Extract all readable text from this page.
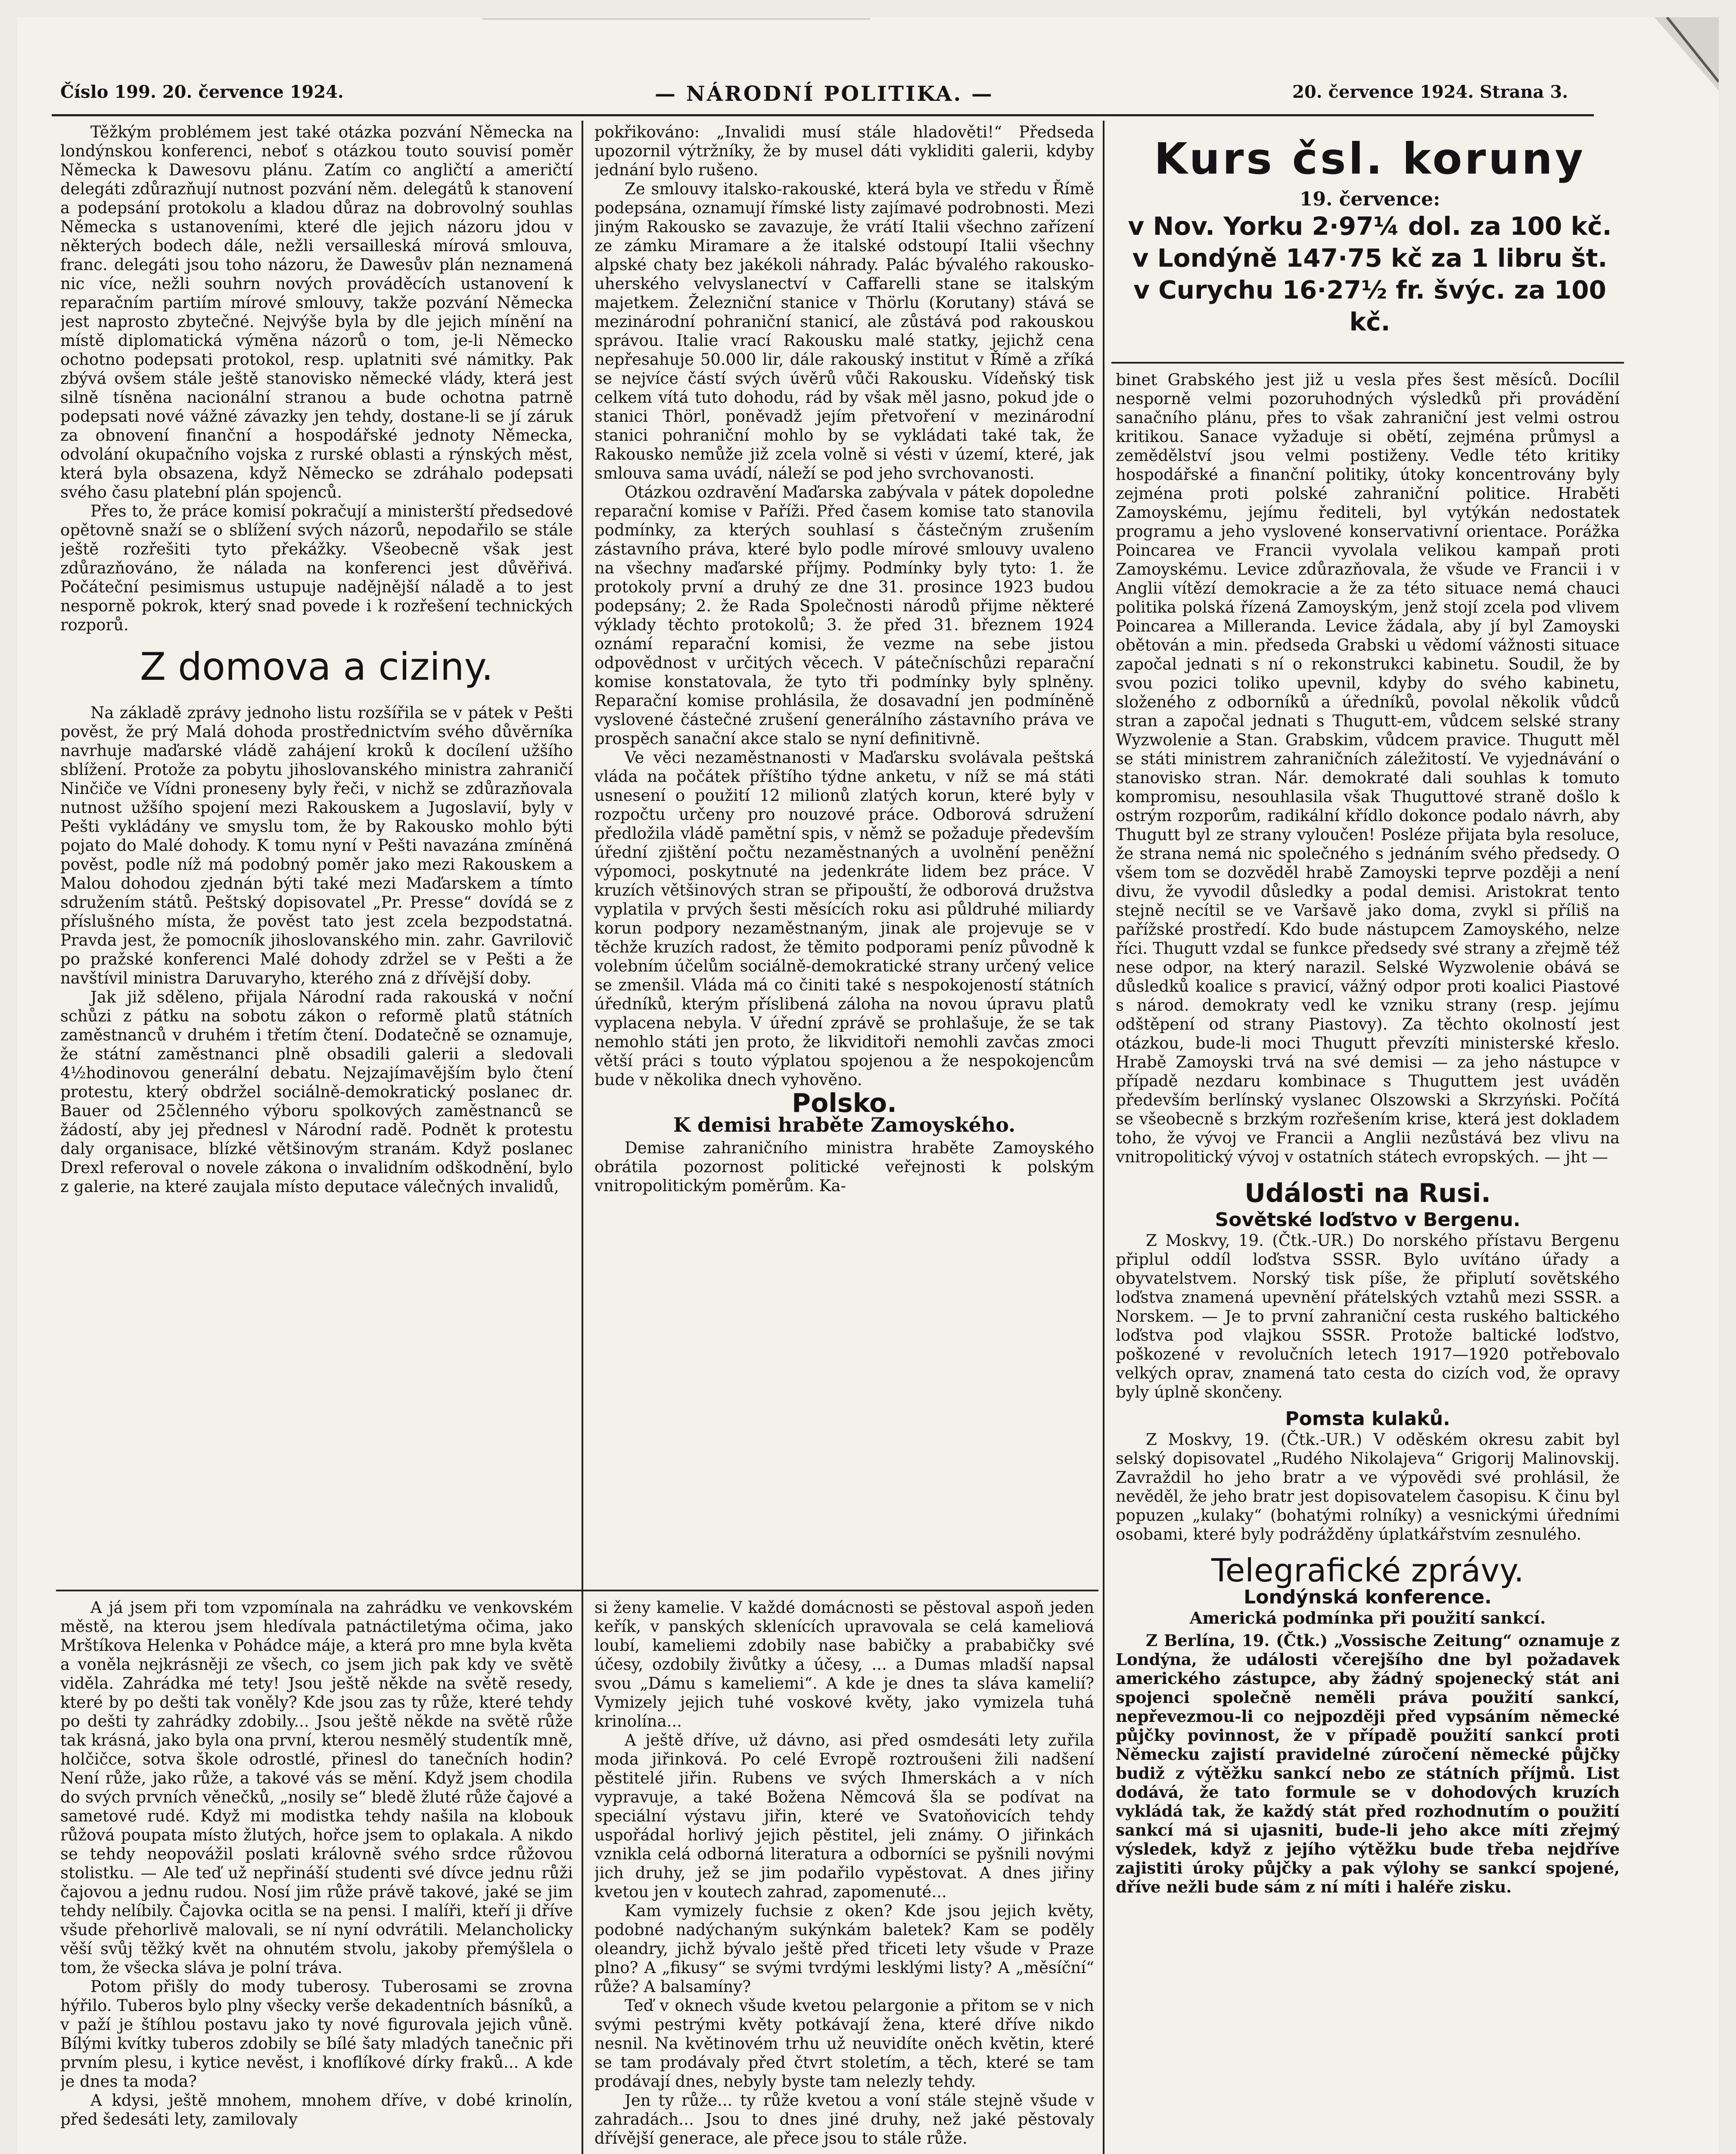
Číslo 199. 20. července 1924.	— NÁRODNÍ POLITIKA. —	20. července 1924. Strana 3.

Těžkým problémem jest také otázka pozvání Německa na londýnskou konferenci, neboť s otázkou touto souvisí poměr Německa k Dawesovu plánu. Zatím co angličtí a američtí delegáti zdůrazňují nutnost pozvání něm. delegátů k stanovení a podepsání protokolu a kladou důraz na dobrovolný souhlas Německa s ustanoveními, které dle jejich názoru jdou v některých bodech dále, nežli versailleská mírová smlouva, franc. delegáti jsou toho názoru, že Dawesův plán neznamená nic více, nežli souhrn nových prováděcích ustanovení k reparačním partiím mírové smlouvy, takže pozvání Německa jest naprosto zbytečné. Nejvýše byla by dle jejich mínění na místě diplomatická výměna názorů o tom, je-li Německo ochotno podepsati protokol, resp. uplatniti své námitky. Pak zbývá ovšem stále ještě stanovisko německé vlády, která jest silně tísněna nacionální stranou a bude ochotna patrně podepsati nové vážné závazky jen tehdy, dostane-li se jí záruk za obnovení finanční a hospodářské jednoty Německa, odvolání okupačního vojska z rurské oblasti a rýnských měst, která byla obsazena, když Německo se zdráhalo podepsati svého času platební plán spojenců.

Přes to, že práce komisí pokračují a ministerští předsedové opětovně snaží se o sblížení svých názorů, nepodařilo se stále ještě rozřešiti tyto překážky. Všeobecně však jest zdůrazňováno, že nálada na konferenci jest důvěřivá. Počáteční pesimismus ustupuje nadějnější náladě a to jest nesporně pokrok, který snad povede i k rozřešení technických rozporů.

Z domova a ciziny.

Na základě zprávy jednoho listu rozšířila se v pátek v Pešti pověst, že prý Malá dohoda prostřednictvím svého důvěrníka navrhuje maďarské vládě zahájení kroků k docílení užšího sblížení. Protože za pobytu jihoslovanského ministra zahraničí Ninčiče ve Vídni proneseny byly řeči, v nichž se zdůrazňovala nutnost užšího spojení mezi Rakouskem a Jugoslavií, byly v Pešti vykládány ve smyslu tom, že by Rakousko mohlo býti pojato do Malé dohody. K tomu nyní v Pešti navazána zmíněná pověst, podle níž má podobný poměr jako mezi Rakouskem a Malou dohodou zjednán býti také mezi Maďarskem a tímto sdružením států. Peštský dopisovatel „Pr. Presse“ dovídá se z příslušného místa, že pověst tato jest zcela bezpodstatná. Pravda jest, že pomocník jihoslovanského min. zahr. Gavrilovič po pražské konferenci Malé dohody zdržel se v Pešti a že navštívil ministra Daruvaryho, kterého zná z dřívější doby.

Jak již sděleno, přijala Národní rada rakouská v noční schůzi z pátku na sobotu zákon o reformě platů státních zaměstnanců v druhém i třetím čtení. Dodatečně se oznamuje, že státní zaměstnanci plně obsadili galerii a sledovali 4½hodinovou generální debatu. Nejzajímavějším bylo čtení protestu, který obdržel sociálně-demokratický poslanec dr. Bauer od 25členného výboru spolkových zaměstnanců se žádostí, aby jej přednesl v Národní radě. Podnět k protestu daly organisace, blízké většinovým stranám. Když poslanec Drexl referoval o novele zákona o invalidním odškodnění, bylo z galerie, na které zaujala místo deputace válečných invalidů,

pokřikováno: „Invalidi musí stále hladověti!“ Předseda upozornil výtržníky, že by musel dáti vykliditi galerii, kdyby jednání bylo rušeno.

Ze smlouvy italsko-rakouské, která byla ve středu v Římě podepsána, oznamují římské listy zajímavé podrobnosti. Mezi jiným Rakousko se zavazuje, že vrátí Italii všechno zařízení ze zámku Miramare a že italské odstoupí Italii všechny alpské chaty bez jakékoli náhrady. Palác bývalého rakousko-uherského velvyslanectví v Caffarelli stane se italským majetkem. Železniční stanice v Thörlu (Korutany) stává se mezinárodní pohraniční stanicí, ale zůstává pod rakouskou správou. Italie vrací Rakousku malé statky, jejichž cena nepřesahuje 50.000 lir, dále rakouský institut v Římě a zříká se nejvíce částí svých úvěrů vůči Rakousku. Vídeňský tisk celkem vítá tuto dohodu, rád by však měl jasno, pokud jde o stanici Thörl, poněvadž jejím přetvoření v mezinárodní stanici pohraniční mohlo by se vykládati také tak, že Rakousko nemůže již zcela volně si vésti v území, které, jak smlouva sama uvádí, náleží se pod jeho svrchovanosti.

Otázkou ozdravění Maďarska zabývala v pátek dopoledne reparační komise v Paříži. Před časem komise tato stanovila podmínky, za kterých souhlasí s částečným zrušením zástavního práva, které bylo podle mírové smlouvy uvaleno na všechny maďarské příjmy. Podmínky byly tyto: 1. že protokoly první a druhý ze dne 31. prosince 1923 budou podepsány; 2. že Rada Společnosti národů přijme některé výklady těchto protokolů; 3. že před 31. březnem 1924 oznámí reparační komisi, že vezme na sebe jistou odpovědnost v určitých věcech. V pátečníschůzi reparační komise konstatovala, že tyto tři podmínky byly splněny. Reparační komise prohlásila, že dosavadní jen podmíněně vyslovené částečné zrušení generálního zástavního práva ve prospěch sanační akce stalo se nyní definitivně.

Ve věci nezaměstnanosti v Maďarsku svolávala peštská vláda na počátek příštího týdne anketu, v níž se má státi usnesení o použití 12 milionů zlatých korun, které byly v rozpočtu určeny pro nouzové práce. Odborová sdružení předložila vládě pamětní spis, v němž se požaduje především úřední zjištění počtu nezaměstnaných a uvolnění peněžní výpomoci, poskytnuté na jedenkráte lidem bez práce. V kruzích většinových stran se připouští, že odborová družstva vyplatila v prvých šesti měsících roku asi půldruhé miliardy korun podpory nezaměstnaným, jinak ale projevuje se v těchže kruzích radost, že těmito podporami peníz původně k volebním účelům sociálně-demokratické strany určený velice se zmenšil. Vláda má co činiti také s nespokojeností státních úředníků, kterým příslibená záloha na novou úpravu platů vyplacena nebyla. V úřední zprávě se prohlašuje, že se tak nemohlo státi jen proto, že likviditoři nemohli zavčas zmoci větší práci s touto výplatou spojenou a že nespokojencům bude v několika dnech vyhověno.

Polsko.
K demisi hraběte Zamoyského.

Demise zahraničního ministra hraběte Zamoyského obrátila pozornost politické veřejnosti k polským vnitropolitickým poměrům. Ka-

A já jsem při tom vzpomínala na zahrádku ve venkovském městě, na kterou jsem hledívala patnáctiletýma očima, jako Mrštíkova Helenka v Pohádce máje, a která pro mne byla květa a voněla nejkrásněji ze všech, co jsem jich pak kdy ve světě viděla. Zahrádka mé tety! Jsou ještě někde na světě resedy, které by po dešti tak voněly? Kde jsou zas ty růže, které tehdy po dešti ty zahrádky zdobily... Jsou ještě někde na světě růže tak krásná, jako byla ona první, kterou nesmělý studentík mně, holčičce, sotva škole odrostlé, přinesl do tanečních hodin? Není růže, jako růže, a takové vás se mění. Když jsem chodila do svých prvních věnečků, „nosily se“ bledě žluté růže čajové a sametové rudé. Když mi modistka tehdy našila na klobouk růžová poupata místo žlutých, hořce jsem to oplakala. A nikdo se tehdy neopovážil poslati královně svého srdce růžovou stolistku. — Ale teď už nepřináší studenti své dívce jednu růži čajovou a jednu rudou. Nosí jim růže právě takové, jaké se jim tehdy nelíbily. Čajovka ocitla se na pensi. I malíři, kteří ji dříve všude přehorlivě malovali, se ní nyní odvrátili. Melancholicky věší svůj těžký květ na ohnutém stvolu, jakoby přemýšlela o tom, že všecka sláva je polní tráva.

Potom přišly do mody tuberosy. Tuberosami se zrovna hýřilo. Tuberos bylo plny všecky verše dekadentních básníků, a v paží je štíhlou postavu jako ty nové figurovala jejich vůně. Bílými kvítky tuberos zdobily se bílé šaty mladých tanečnic při prvním plesu, i kytice nevěst, i knoflíkové dírky fraků... A kde je dnes ta moda?

A kdysi, ještě mnohem, mnohem dříve, v dobé krinolín, před šedesáti lety, zamilovaly

si ženy kamelie. V každé domácnosti se pěstoval aspoň jeden keřík, v panských sklenících upravovala se celá kameliová loubí, kameliemi zdobily nase babičky a prababičky své účesy, ozdobily živůtky a účesy, ... a Dumas mladší napsal svou „Dámu s kameliemi“. A kde je dnes ta sláva kamelií? Vymizely jejich tuhé voskové květy, jako vymizela tuhá krinolína...

A ještě dříve, už dávno, asi před osmdesáti lety zuřila moda jiřinková. Po celé Evropě roztroušeni žili nadšení pěstitelé jiřin. Rubens ve svých Ihmerskách a v ních vypravuje, a také Božena Němcová šla se podívat na speciální výstavu jiřin, které ve Svatoňovicích tehdy uspořádal horlivý jejich pěstitel, jeli známy. O jiřinkách vznikla celá odborná literatura a odborníci se pyšnili novými jich druhy, jež se jim podařilo vypěstovat. A dnes jiřiny kvetou jen v koutech zahrad, zapomenuté...

Kam vymizely fuchsie z oken? Kde jsou jejich květy, podobné nadýchaným sukýnkám baletek? Kam se poděly oleandry, jichž bývalo ještě před třiceti lety všude v Praze plno? A „fikusy“ se svými tvrdými lesklými listy? A „měsíční“ růže? A balsamíny?

Teď v oknech všude kvetou pelargonie a přitom se v nich svými pestrými květy potkávají žena, které dříve nikdo nesnil. Na květinovém trhu už neuvidíte oněch květin, které se tam prodávaly před čtvrt stoletím, a těch, které se tam prodávají dnes, nebyly byste tam nelezly tehdy.

Jen ty růže... ty růže kvetou a voní stále stejně všude v zahradách... Jsou to dnes jiné druhy, než jaké pěstovaly dřívější generace, ale přece jsou to stále růže.

Kurs čsl. koruny
19. července:
v Nov. Yorku 2·97¼ dol. za 100 kč.
v Londýně 147·75 kč za 1 libru št.
v Curychu 16·27½ fr. švýc. za 100 kč.

binet Grabského jest již u vesla přes šest měsíců. Docílil nesporně velmi pozoruhodných výsledků při provádění sanačního plánu, přes to však zahraniční jest velmi ostrou kritikou. Sanace vyžaduje si obětí, zejména průmysl a zemědělství jsou velmi postiženy. Vedle této kritiky hospodářské a finanční politiky, útoky koncentrovány byly zejména proti polské zahraniční politice. Hraběti Zamoyskému, jejímu řediteli, byl vytýkán nedostatek programu a jeho vyslovené konservativní orientace. Porážka Poincarea ve Francii vyvolala velikou kampaň proti Zamoyskému. Levice zdůrazňovala, že všude ve Francii i v Anglii vítězí demokracie a že za této situace nemá chauci politika polská řízená Zamoyským, jenž stojí zcela pod vlivem Poincarea a Millerandа. Levice žádala, aby jí byl Zamoyski obětován a min. předseda Grabski u vědomí vážnosti situace započal jednati s ní o rekonstrukci kabinetu. Soudil, že by svou pozici toliko upevnil, kdyby do svého kabinetu, složeného z odborníků a úředníků, povolal několik vůdců stran a započal jednati s Thugutt-em, vůdcem selské strany Wyzwolenie a Stan. Grabskim, vůdcem pravice. Thugutt měl se státi ministrem zahraničních záležitostí. Ve vyjednávání o stanovisko stran. Nár. demokraté dali souhlas k tomuto kompromisu, nesouhlasila však Thuguttové straně došlo k ostrým rozporům, radikální křídlo dokonce podalo návrh, aby Thugutt byl ze strany vyloučen! Posléze přijata byla resoluce, že strana nemá nic společného s jednáním svého předsedy. O všem tom se dozvěděl hrabě Zamoyski teprve později a není divu, že vyvodil důsledky a podal demisi. Aristokrat tento stejně necítil se ve Varšavě jako doma, zvykl si příliš na pařížské prostředí. Kdo bude nástupcem Zamoyského, nelze říci. Thugutt vzdal se funkce předsedy své strany a zřejmě též nese odpor, na který narazil. Selské Wyzwolenie obává se důsledků koalice s pravicí, vážný odpor proti koalici Piastové s národ. demokraty vedl ke vzniku strany (resp. jejímu odštěpení od strany Piastovy). Za těchto okolností jest otázkou, bude-li moci Thugutt převzíti ministerské křeslo. Hrabě Zamoyski trvá na své demisi — za jeho nástupce v případě nezdaru kombinace s Thuguttem jest uváděn především berlínský vyslanec Olszowski a Skrzyński. Počítá se všeobecně s brzkým rozřešením krise, která jest dokladem toho, že vývoj ve Francii a Anglii nezůstává bez vlivu na vnitropolitický vývoj v ostatních státech evropských. — jht —

Události na Rusi.
Sovětské loďstvo v Bergenu.

Z Moskvy, 19. (Čtk.-UR.) Do norského přístavu Bergenu připlul oddíl loďstva SSSR. Bylo uvítáno úřady a obyvatelstvem. Norský tisk píše, že připlutí sovětského loďstva znamená upevnění přátelských vztahů mezi SSSR. a Norskem. — Je to první zahraniční cesta ruského baltického loďstva pod vlajkou SSSR. Protože baltické loďstvo, poškozené v revolučních letech 1917—1920 potřebovalo velkých oprav, znamená tato cesta do cizích vod, že opravy byly úplně skončeny.

Pomsta kulaků.

Z Moskvy, 19. (Čtk.-UR.) V oděském okresu zabit byl selský dopisovatel „Rudého Nikolajeva“ Grigorij Malinovskij. Zavraždil ho jeho bratr a ve výpovědi své prohlásil, že nevěděl, že jeho bratr jest dopisovatelem časopisu. K činu byl popuzen „kulaky“ (bohatými rolníky) a vesnickými úředními osobami, které byly podrážděny úplatkářstvím zesnulého.

Telegrafické zprávy.
Londýnská konference.
Americká podmínka při použití sankcí.

Z Berlína, 19. (Čtk.) „Vossische Zeitung“ oznamuje z Londýna, že události včerejšího dne byl požadavek amerického zástupce, aby žádný spojenecký stát ani spojenci společně neměli práva použití sankcí, nepřevezmou-li co nejpozději před vypsáním německé půjčky povinnost, že v případě použití sankcí proti Německu zajistí pravidelné zúročení německé půjčky budiž z výtěžku sankcí nebo ze státních příjmů. List dodává, že tato formule se v dohodových kruzích vykládá tak, že každý stát před rozhodnutím o použití sankcí má si ujasniti, bude-li jeho akce míti zřejmý výsledek, když z jejího výtěžku bude třeba nejdříve zajistiti úroky půjčky a pak výlohy se sankcí spojené, dříve nežli bude sám z ní míti i haléře zisku.
